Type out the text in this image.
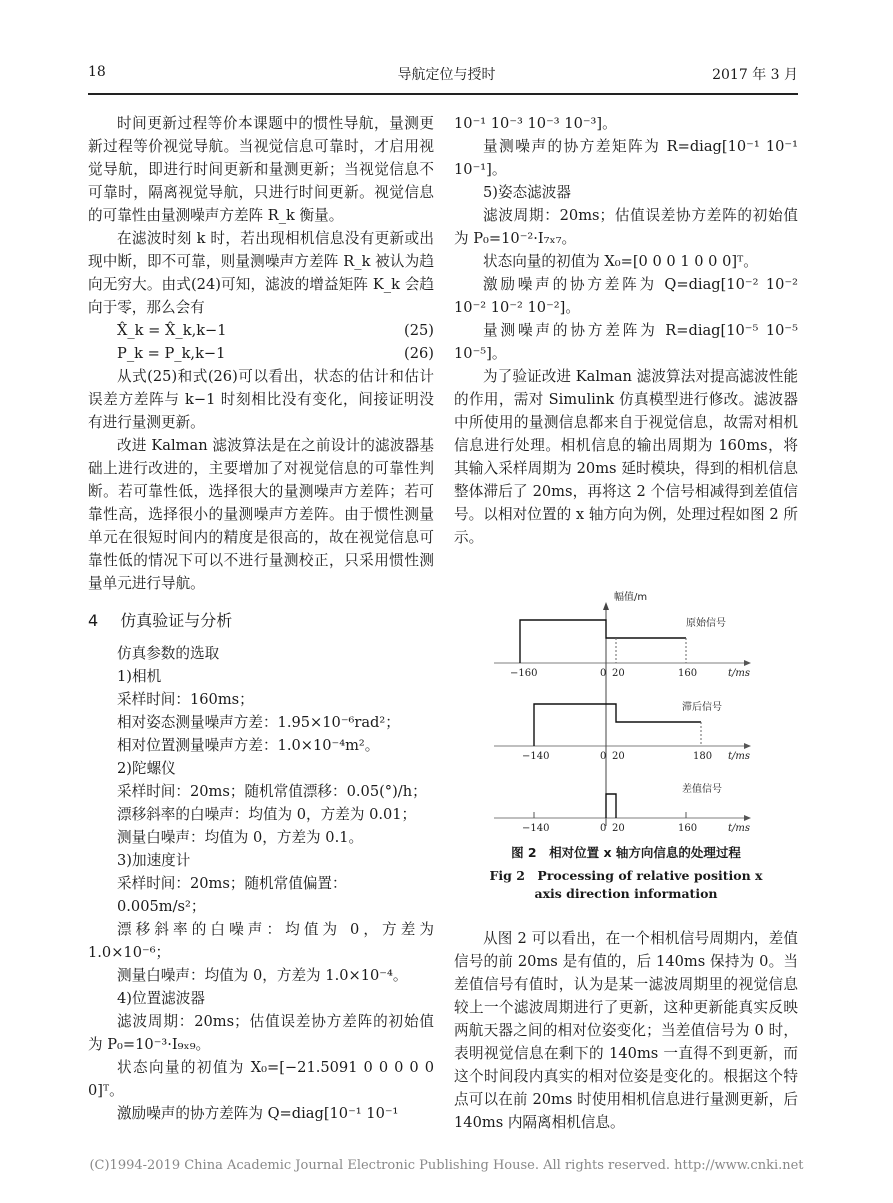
18	导航定位与授时	2017 年 3 月

时间更新过程等价本课题中的惯性导航，量测更新过程等价视觉导航。当视觉信息可靠时，才启用视觉导航，即进行时间更新和量测更新；当视觉信息不可靠时，隔离视觉导航，只进行时间更新。视觉信息的可靠性由量测噪声方差阵 R_k 衡量。

在滤波时刻 k 时，若出现相机信息没有更新或出现中断，即不可靠，则量测噪声方差阵 R_k 被认为趋向无穷大。由式(24)可知，滤波的增益矩阵 K_k 会趋向于零，那么会有

X̂_k = X̂_k,k−1	(25)
P_k = P_k,k−1	(26)

从式(25)和式(26)可以看出，状态的估计和估计误差方差阵与 k−1 时刻相比没有变化，间接证明没有进行量测更新。

改进 Kalman 滤波算法是在之前设计的滤波器基础上进行改进的，主要增加了对视觉信息的可靠性判断。若可靠性低，选择很大的量测噪声方差阵；若可靠性高，选择很小的量测噪声方差阵。由于惯性测量单元在很短时间内的精度是很高的，故在视觉信息可靠性低的情况下可以不进行量测校正，只采用惯性测量单元进行导航。

4 仿真验证与分析

仿真参数的选取

1)相机

采样时间：160ms；

相对姿态测量噪声方差：1.95×10⁻⁶rad²；

相对位置测量噪声方差：1.0×10⁻⁴m²。

2)陀螺仪

采样时间：20ms；随机常值漂移：0.05(°)/h；

漂移斜率的白噪声：均值为 0，方差为 0.01；

测量白噪声：均值为 0，方差为 0.1。

3)加速度计

采样时间：20ms；随机常值偏置：0.005m/s²；

漂移斜率的白噪声：均值为 0，方差为 1.0×10⁻⁶；

测量白噪声：均值为 0，方差为 1.0×10⁻⁴。

4)位置滤波器

滤波周期：20ms；估值误差协方差阵的初始值为 P₀=10⁻³·I₉ₓ₉。

状态向量的初值为 X₀=[−21.5091 0 0 0 0 0 0]ᵀ。

激励噪声的协方差阵为 Q=diag[10⁻¹ 10⁻¹

10⁻¹ 10⁻³ 10⁻³ 10⁻³]。

量测噪声的协方差矩阵为 R=diag[10⁻¹ 10⁻¹ 10⁻¹]。

5)姿态滤波器

滤波周期：20ms；估值误差协方差阵的初始值为 P₀=10⁻²·I₇ₓ₇。

状态向量的初值为 X₀=[0 0 0 1 0 0 0]ᵀ。

激励噪声的协方差阵为 Q=diag[10⁻² 10⁻² 10⁻² 10⁻² 10⁻²]。

量测噪声的协方差阵为 R=diag[10⁻⁵ 10⁻⁵ 10⁻⁵]。

为了验证改进 Kalman 滤波算法对提高滤波性能的作用，需对 Simulink 仿真模型进行修改。滤波器中所使用的量测信息都来自于视觉信息，故需对相机信息进行处理。相机信息的输出周期为 160ms，将其输入采样周期为 20ms 延时模块，得到的相机信息整体滞后了 20ms，再将这 2 个信号相减得到差值信号。以相对位置的 x 轴方向为例，处理过程如图 2 所示。

幅值/m
原始信号
−160	0 20	160	t/ms
滞后信号
−140	0 20	180 t/ms
差值信号
−140	0 20	160	t/ms
图 2　相对位置 x 轴方向信息的处理过程
Fig 2　Processing of relative position x
axis direction information

从图 2 可以看出，在一个相机信号周期内，差值信号的前 20ms 是有值的，后 140ms 保持为 0。当差值信号有值时，认为是某一滤波周期里的视觉信息较上一个滤波周期进行了更新，这种更新能真实反映两航天器之间的相对位姿变化；当差值信号为 0 时，表明视觉信息在剩下的 140ms 一直得不到更新，而这个时间段内真实的相对位姿是变化的。根据这个特点可以在前 20ms 时使用相机信息进行量测更新，后 140ms 内隔离相机信息。

(C)1994-2019 China Academic Journal Electronic Publishing House. All rights reserved. http://www.cnki.net
